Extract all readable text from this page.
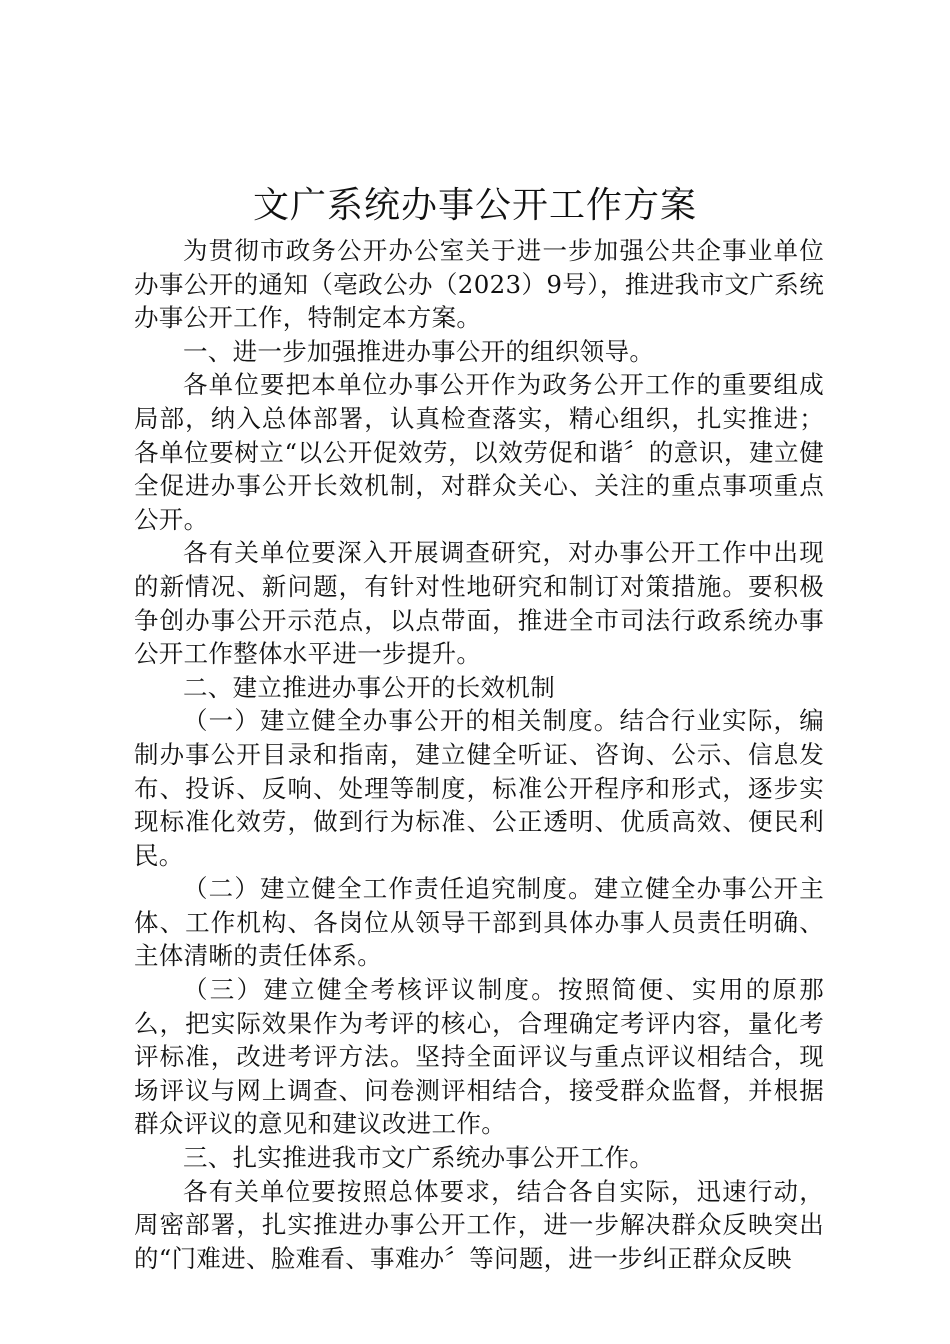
文广系统办事公开工作方案

为贯彻市政务公开办公室关于进一步加强公共企事业单位办事公开的通知（亳政公办（2023）9号），推进我市文广系统办事公开工作，特制定本方案。

一、进一步加强推进办事公开的组织领导。

各单位要把本单位办事公开作为政务公开工作的重要组成局部，纳入总体部署，认真检查落实，精心组织，扎实推进；各单位要树立“以公开促效劳，以效劳促和谐〞的意识，建立健全促进办事公开长效机制，对群众关心、关注的重点事项重点公开。

各有关单位要深入开展调查研究，对办事公开工作中出现的新情况、新问题，有针对性地研究和制订对策措施。要积极争创办事公开示范点，以点带面，推进全市司法行政系统办事公开工作整体水平进一步提升。

二、建立推进办事公开的长效机制

（一）建立健全办事公开的相关制度。结合行业实际，编制办事公开目录和指南，建立健全听证、咨询、公示、信息发布、投诉、反响、处理等制度，标准公开程序和形式，逐步实现标准化效劳，做到行为标准、公正透明、优质高效、便民利民。

（二）建立健全工作责任追究制度。建立健全办事公开主体、工作机构、各岗位从领导干部到具体办事人员责任明确、主体清晰的责任体系。

（三）建立健全考核评议制度。按照简便、实用的原那么，把实际效果作为考评的核心，合理确定考评内容，量化考评标准，改进考评方法。坚持全面评议与重点评议相结合，现场评议与网上调查、问卷测评相结合，接受群众监督，并根据群众评议的意见和建议改进工作。

三、扎实推进我市文广系统办事公开工作。

各有关单位要按照总体要求，结合各自实际，迅速行动，周密部署，扎实推进办事公开工作，进一步解决群众反映突出的“门难进、脸难看、事难办〞等问题，进一步纠正群众反映
